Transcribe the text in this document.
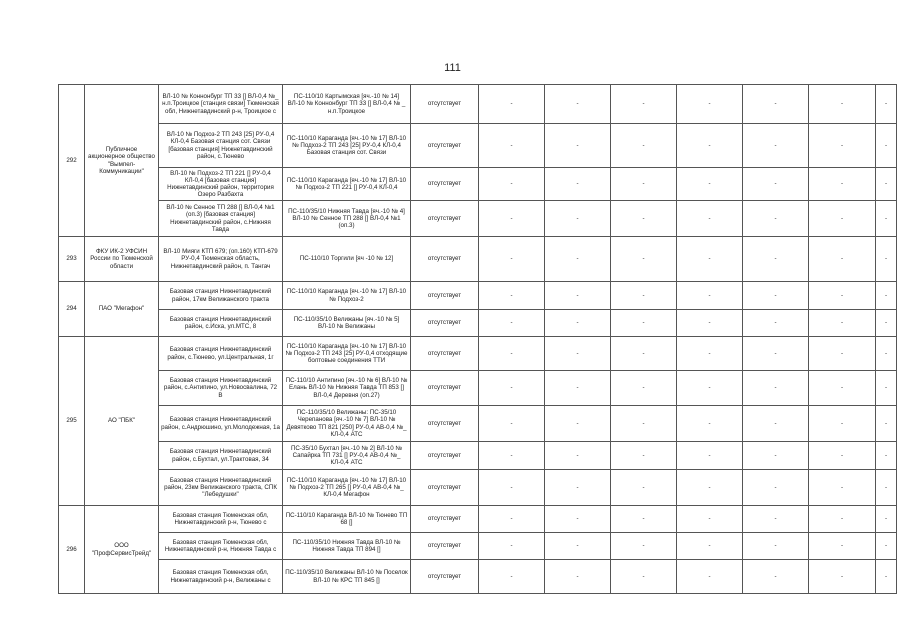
111
292	Публичное акционерное общество "Вымпел-Коммуникации"	ВЛ-10 № Коннонбург ТП 33 [] ВЛ-0,4 №_ н.п.Троицкое [станция связи] Тюменская обл, Нижнетавдинский р-н, Троицкое с	ПС-110/10 Картымская [яч.-10 № 14] ВЛ-10 № Коннонбург ТП 33 [] ВЛ-0,4 № _ н.п.Троицкое	отсутствует	-	-	-	-	-	-	-
		ВЛ-10 № Подхоз-2 ТП 243 [25] РУ-0,4 КЛ-0,4 Базовая станция сот. Связи [базовая станция] Нижнетавдинский район, с.Тюнево	ПС-110/10 Караганда [яч.-10 № 17] ВЛ-10 № Подхоз-2 ТП 243 [25] РУ-0,4 КЛ-0,4 Базовая станция сот. Связи	отсутствует	-	-	-	-	-	-	-
		ВЛ-10 № Подхоз-2 ТП 221 [] РУ-0,4 КЛ-0,4 [базовая станция] Нижнетавдинский район, территория Озеро Разбахта	ПС-110/10 Караганда [яч.-10 № 17] ВЛ-10 № Подхоз-2 ТП 221 [] РУ-0,4 КЛ-0,4	отсутствует	-	-	-	-	-	-	-
		ВЛ-10 № Сенное ТП 288 [] ВЛ-0,4 №1 (оп.3) [базовая станция] Нижнетавдинский район, с.Нижняя Тавда	ПС-110/35/10 Нижняя Тавда [яч.-10 № 4] ВЛ-10 № Сенное ТП 288 [] ВЛ-0,4 №1 (оп.3)	отсутствует	-	-	-	-	-	-	-
293	ФКУ ИК-2 УФСИН России по Тюменской области	ВЛ-10 Мияги КТП 679; (оп.160) КТП-679 РУ-0,4 Тюменская область, Нижнетавдинский район, п. Тангач	ПС-110/10 Торгили [яч -10 № 12]	отсутствует	-	-	-	-	-	-	-
294	ПАО "Мегафон"	Базовая станция Нижнетавдинский район, 17км Велижанского тракта	ПС-110/10 Караганда [яч.-10 № 17] ВЛ-10 № Подхоз-2	отсутствует	-	-	-	-	-	-	-
		Базовая станция Нижнетавдинский район, с.Иска, ул.МТС, 8	ПС-110/35/10 Велижаны [яч.-10 № 5] ВЛ-10 № Велижаны	отсутствует	-	-	-	-	-	-	-
295	АО "ПБК"	Базовая станция Нижнетавдинский район, с.Тюнево, ул.Центральная, 1г	ПС-110/10 Караганда [яч.-10 № 17] ВЛ-10 № Подхоз-2 ТП 243 [25] РУ-0,4 отходящие болтовые соединения ТТИ	отсутствует	-	-	-	-	-	-	-
		Базовая станция Нижнетавдинский район, с.Антипино, ул.Новосвалина, 72 В	ПС-110/10 Антипино [яч.-10 № 6] ВЛ-10 № Елань ВЛ-10 № Нижняя Тавда ТП 853 [] ВЛ-0,4 Деревня (оп.27)	отсутствует	-	-	-	-	-	-	-
		Базовая станция Нижнетавдинский район, с.Андрюшино, ул.Молодежная, 1а	ПС-110/35/10 Велижаны: ПС-35/10 Черепанова [яч.-10 № 7] ВЛ-10 № Девятково ТП 821 [250] РУ-0,4 АВ-0,4 №_ КЛ-0,4 АТС	отсутствует	-	-	-	-	-	-	-
		Базовая станция Нижнетавдинский район, с.Бухтал, ул.Трактовая, 34	ПС-35/10 Бухтал [яч.-10 № 2] ВЛ-10 № Сапайрка ТП 731 [] РУ-0,4 АВ-0,4 №_ КЛ-0,4 АТС	отсутствует	-	-	-	-	-	-	-
		Базовая станция Нижнетавдинский район, 23км Велижанского тракта, СПК "Лебедушки"	ПС-110/10 Караганда [яч.-10 № 17] ВЛ-10 № Подхоз-2 ТП 265 [] РУ-0,4 АВ-0,4 №_ КЛ-0,4 Мегафон	отсутствует	-	-	-	-	-	-	-
296	ООО "ПрофСервисТрейд"	Базовая станция Тюменская обл, Нижнетавдинский р-н, Тюнево с	ПС-110/10 Караганда ВЛ-10 № Тюнево ТП 68 []	отсутствует	-	-	-	-	-	-	-
		Базовая станция Тюменская обл, Нижнетавдинский р-н, Нижняя Тавда с	ПС-110/35/10 Нижняя Тавда ВЛ-10 № Нижняя Тавда ТП 894 []	отсутствует	-	-	-	-	-	-	-
		Базовая станция Тюменская обл, Нижнетавдинский р-н, Велижаны с	ПС-110/35/10 Велижаны ВЛ-10 № Поселок ВЛ-10 № КРС ТП 845 []	отсутствует	-	-	-	-	-	-	-
